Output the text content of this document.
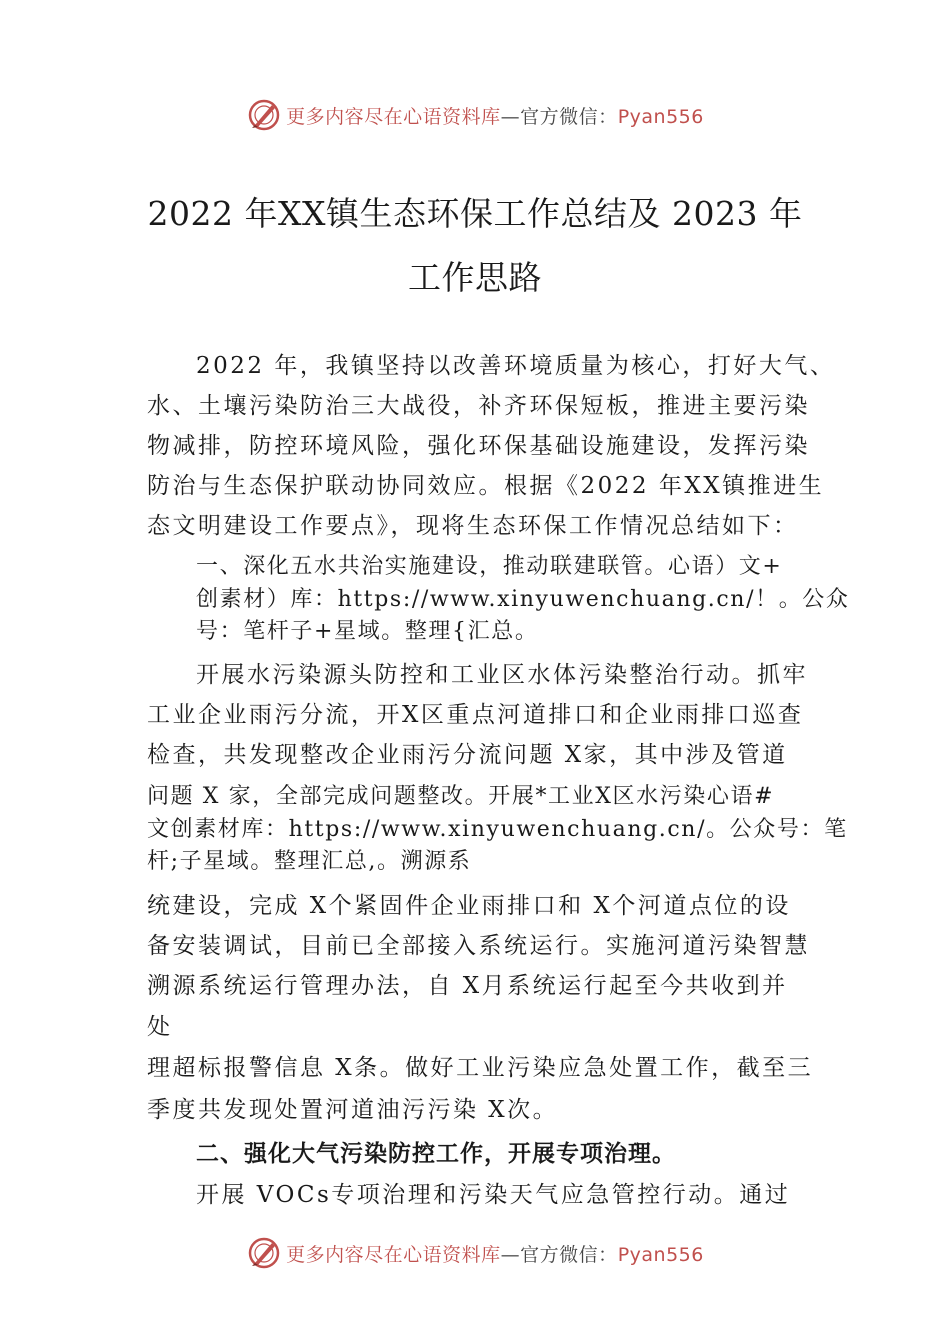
更多内容尽在心语资料库—官方微信：Pyan556
2022 年XX镇生态环保工作总结及 2023 年
工作思路
2022 年，我镇坚持以改善环境质量为核心，打好大气、
水、土壤污染防治三大战役，补齐环保短板，推进主要污染
物减排，防控环境风险，强化环保基础设施建设，发挥污染
防治与生态保护联动协同效应。根据《2022 年XX镇推进生
态文明建设工作要点》，现将生态环保工作情况总结如下：
一、深化五水共治实施建设，推动联建联管。心语）文+
创素材）库：https://www.xinyuwenchuang.cn/！。公众
号：笔杆子+星域。整理{汇总。
开展水污染源头防控和工业区水体污染整治行动。抓牢
工业企业雨污分流，开X区重点河道排口和企业雨排口巡查
检查，共发现整改企业雨污分流问题 X家，其中涉及管道
问题 X 家，全部完成问题整改。开展*工业X区水污染心语#
文创素材库：https://www.xinyuwenchuang.cn/。公众号：笔
杆;子星域。整理汇总,。溯源系
统建设，完成 X个紧固件企业雨排口和 X个河道点位的设
备安装调试，目前已全部接入系统运行。实施河道污染智慧
溯源系统运行管理办法，自 X月系统运行起至今共收到并
处
理超标报警信息 X条。做好工业污染应急处置工作，截至三
季度共发现处置河道油污污染 X次。
二、强化大气污染防控工作，开展专项治理。
开展 VOCs专项治理和污染天气应急管控行动。通过
更多内容尽在心语资料库—官方微信：Pyan556
